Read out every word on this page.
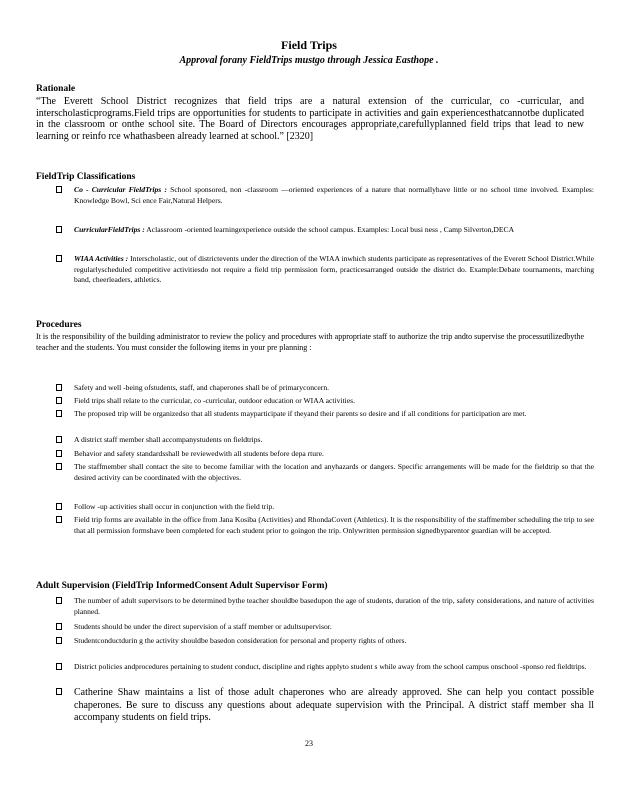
Field Trips
Approval forany FieldTrips mustgo through Jessica Easthope .
Rationale
“The Everett School District recognizes that field trips are a natural extension of the curricular, co -curricular, and interscholasticprograms.Field trips are opportunities for students to participate in activities and gain experiencesthatcannotbe duplicated in the classroom or onthe school site. The Board of Directors encourages appropriate,carefullyplanned field trips that lead to new learning or reinfo rce whathasbeen already learned at school.” [2320]
FieldTrip Classifications
Co - Curricular FieldTrips : School sponsored, non -classroom —oriented experiences of a nature that normallyhave little or no school time involved. Examples: Knowledge Bowl, Sci ence Fair,Natural Helpers.
CurricularFieldTrips : Aclassroom -oriented learningexperience outside the school campus. Examples: Local busi ness , Camp Silverton,DECA
WIAA Activities : Interscholastic, out of districtevents under the direction of the WIAA inwhich students participate as representatives of the Everett School District.While regularlyscheduled competitive activitiesdo not require a field trip permission form, practicesarranged outside the district do. Example:Debate tournaments, marching band, cheerleaders, athletics.
Procedures
It is the responsibility of the building administrator to review the policy and procedures with appropriate staff to authorize the trip andto supervise the processutilizedbythe teacher and the students. You must consider the following items in your pre planning :
Safety and well -being ofstudents, staff, and chaperones shall be of primaryconcern.
Field trips shall relate to the curricular, co -curricular, outdoor education or WIAA activities.
The proposed trip will be organizedso that all students mayparticipate if theyand their parents so desire and if all conditions for participation are met.
A district staff member shall accompanystudents on fieldtrips.
Behavior and safety standardsshall be reviewedwith all students before depa rture.
The staffmember shall contact the site to become familiar with the location and anyhazards or dangers. Specific arrangements will be made for the fieldtrip so that the desired activity can be coordinated with the objectives.
Follow -up activities shall occur in conjunction with the field trip.
Field trip forms are available in the office from Jana Kosiba (Activities) and RhondaCovert (Athletics). It is the responsibility of the staffmember scheduling the trip to see that all permission formshave been completed for each student prior to goingon the trip. Onlywritten permission signedbyparentor guardian will be accepted.
Adult Supervision (FieldTrip InformedConsent Adult Supervisor Form)
The number of adult supervisors to be determined bythe teacher shouldbe basedupon the age of students, duration of the trip, safety considerations, and nature of activities planned.
Students should be under the direct supervision of a staff member or adultsupervisor.
Studentconductdurin g the activity shouldbe basedon consideration for personal and property rights of others.
District policies andprocedures pertaining to student conduct, discipline and rights applyto student s while away from the school campus onschool -sponso red fieldtrips.
Catherine Shaw maintains a list of those adult chaperones who are already approved. She can help you contact possible chaperones. Be sure to discuss any questions about adequate supervision with the Principal. A district staff member sha ll accompany students on field trips.
23
